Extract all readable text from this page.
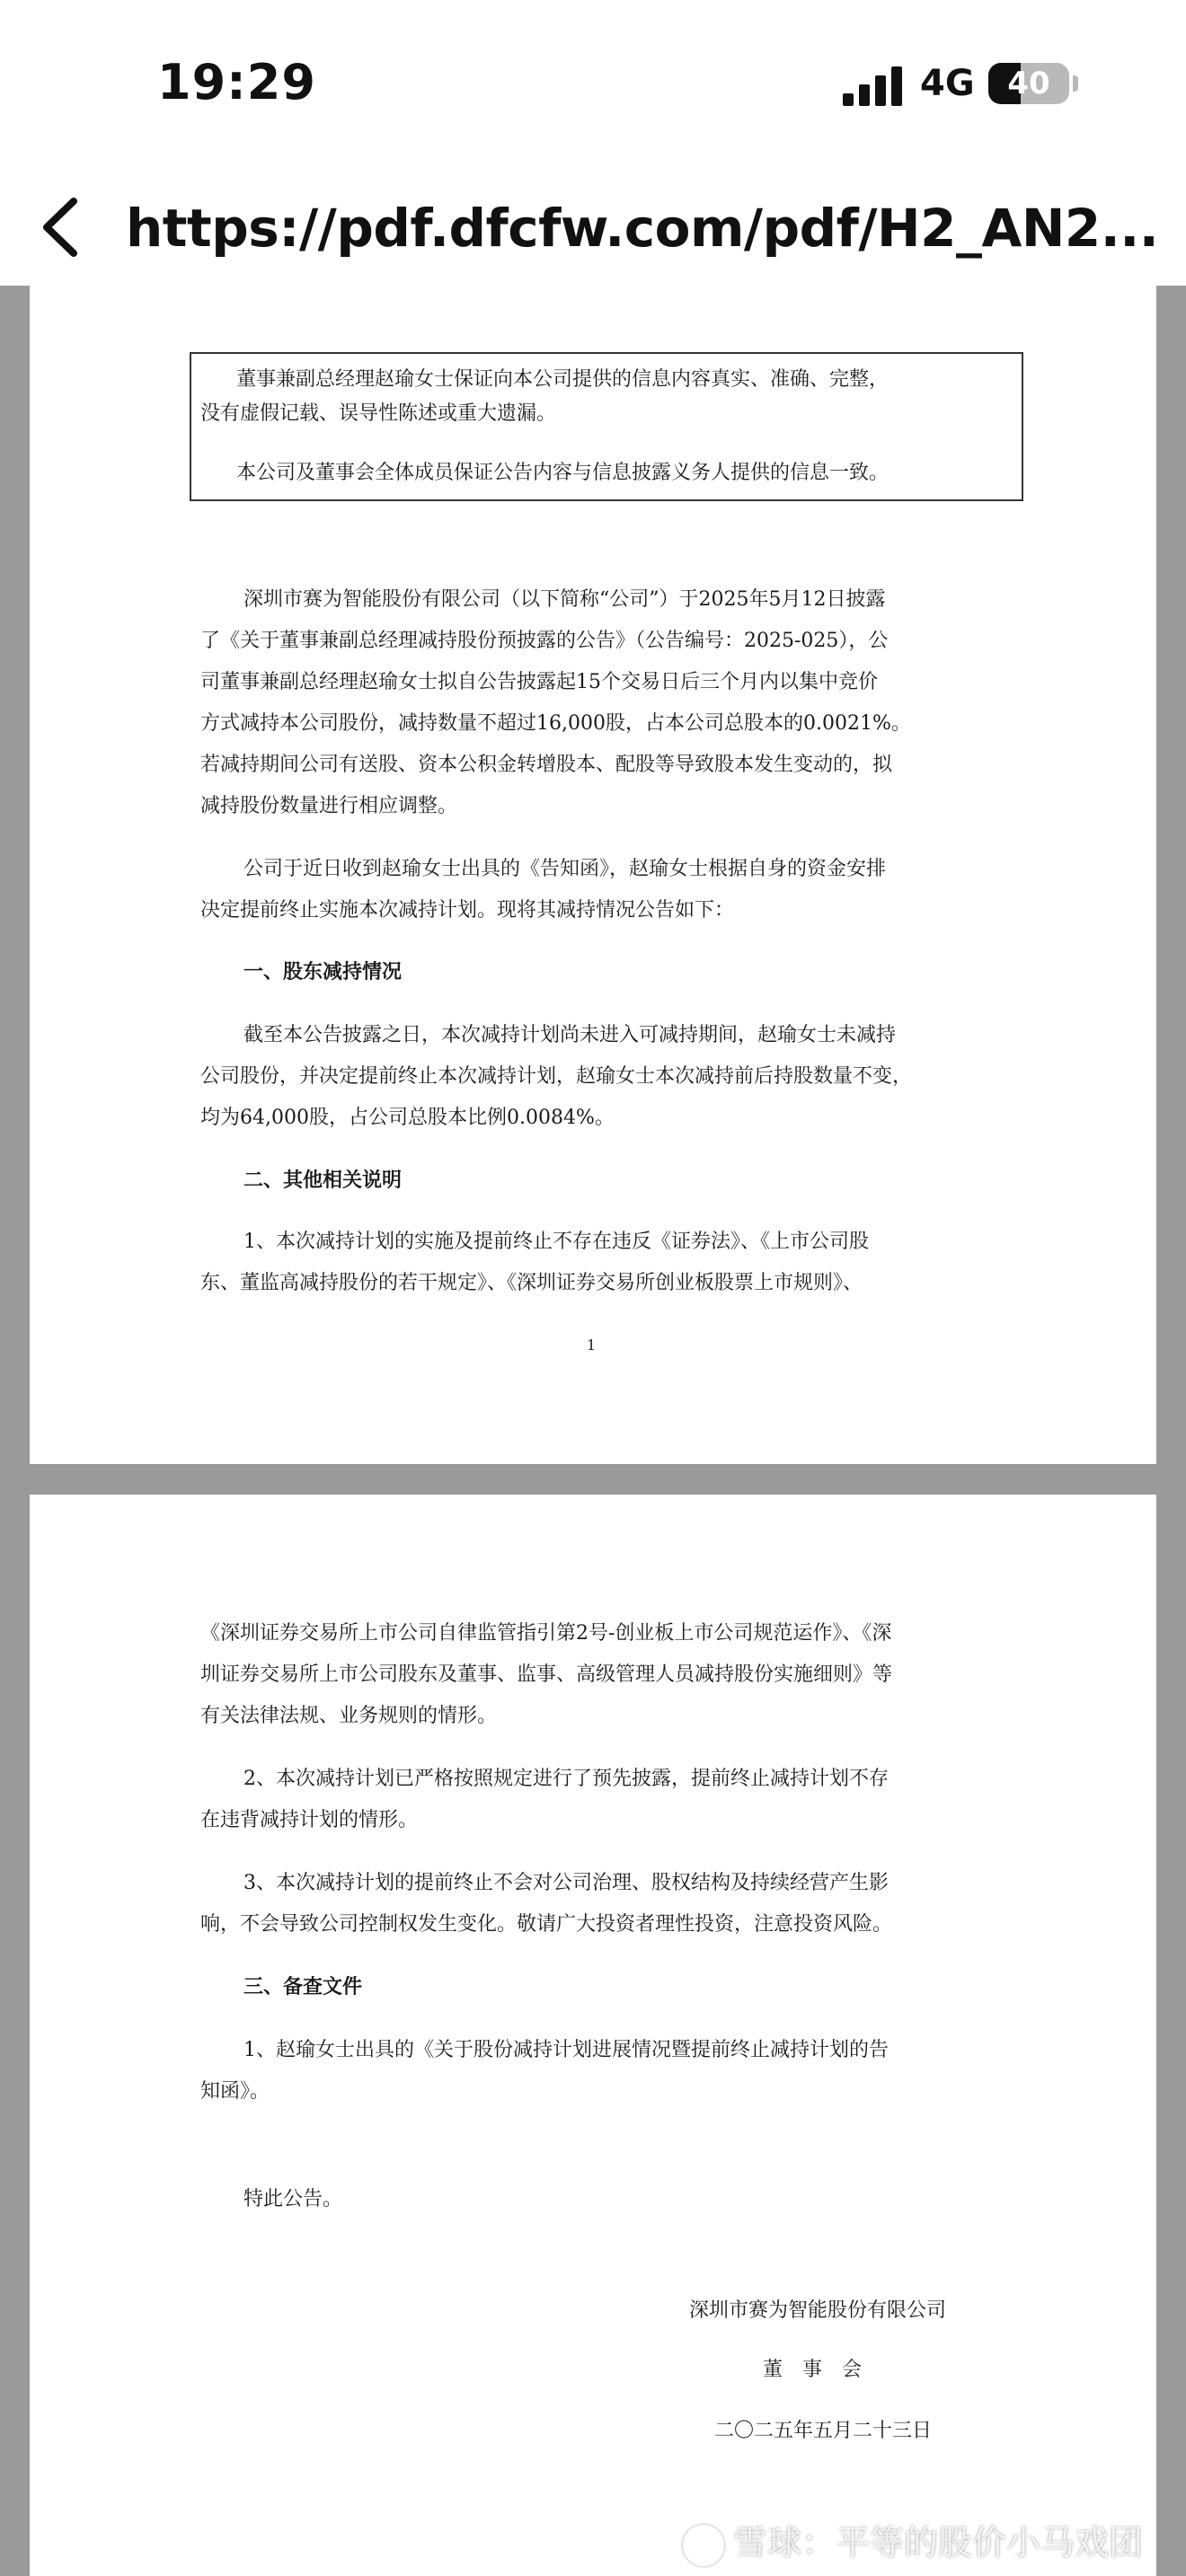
19:29	4G	40
https://pdf.dfcfw.com/pdf/H2_AN2...
董事兼副总经理赵瑜女士保证向本公司提供的信息内容真实、准确、完整，
没有虚假记载、误导性陈述或重大遗漏。
本公司及董事会全体成员保证公告内容与信息披露义务人提供的信息一致。
深圳市赛为智能股份有限公司（以下简称“公司”）于2025年5月12日披露
了《关于董事兼副总经理减持股份预披露的公告》（公告编号：2025-025），公
司董事兼副总经理赵瑜女士拟自公告披露起15个交易日后三个月内以集中竞价
方式减持本公司股份，减持数量不超过16,000股，占本公司总股本的0.0021%。
若减持期间公司有送股、资本公积金转增股本、配股等导致股本发生变动的，拟
减持股份数量进行相应调整。
公司于近日收到赵瑜女士出具的《告知函》，赵瑜女士根据自身的资金安排
决定提前终止实施本次减持计划。现将其减持情况公告如下：
一、股东减持情况
截至本公告披露之日，本次减持计划尚未进入可减持期间，赵瑜女士未减持
公司股份，并决定提前终止本次减持计划，赵瑜女士本次减持前后持股数量不变，
均为64,000股，占公司总股本比例0.0084%。
二、其他相关说明
1、本次减持计划的实施及提前终止不存在违反《证券法》、《上市公司股
东、董监高减持股份的若干规定》、《深圳证券交易所创业板股票上市规则》、
1
《深圳证券交易所上市公司自律监管指引第2号-创业板上市公司规范运作》、《深
圳证券交易所上市公司股东及董事、监事、高级管理人员减持股份实施细则》等
有关法律法规、业务规则的情形。
2、本次减持计划已严格按照规定进行了预先披露，提前终止减持计划不存
在违背减持计划的情形。
3、本次减持计划的提前终止不会对公司治理、股权结构及持续经营产生影
响，不会导致公司控制权发生变化。敬请广大投资者理性投资，注意投资风险。
三、备查文件
1、赵瑜女士出具的《关于股份减持计划进展情况暨提前终止减持计划的告
知函》。
特此公告。
深圳市赛为智能股份有限公司
董　事　会
二〇二五年五月二十三日
雪球：平等的股价小马戏团
